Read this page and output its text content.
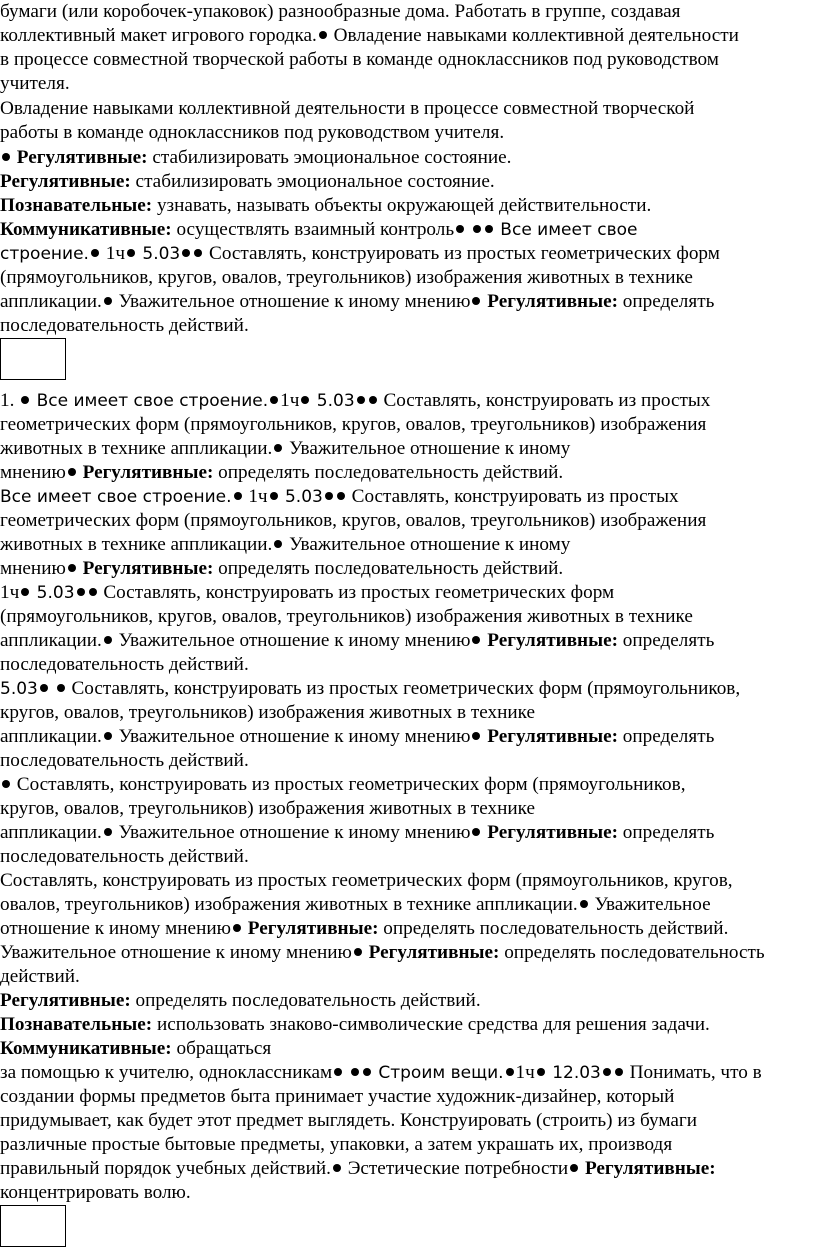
бумаги (или коробочек-упаковок) разнообразные дома. Работать в группе, создавая
коллективный макет игрового городка. Овладение навыками коллективной деятельности
в процессе совместной творческой работы в команде одноклассников под руководством
учителя.
Овладение навыками коллективной деятельности в процессе совместной творческой
работы в команде одноклассников под руководством учителя.
Регулятивные: стабилизировать эмоциональное состояние.
Регулятивные: стабилизировать эмоциональное состояние.
Познавательные: узнавать, называть объекты окружающей действительности.
Коммуникативные: осуществлять взаимный контроль  Все имеет свое
строение. 1ч 5.03 Составлять, конструировать из простых геометрических форм
(прямоугольников, кругов, овалов, треугольников) изображения животных в технике
аппликации. Уважительное отношение к иному мнению Регулятивные: определять
последовательность действий.
1.  Все имеет свое строение. 1ч 5.03 Составлять, конструировать из простых
геометрических форм (прямоугольников, кругов, овалов, треугольников) изображения
животных в технике аппликации. Уважительное отношение к иному
мнению Регулятивные: определять последовательность действий.
Все имеет свое строение. 1ч 5.03 Составлять, конструировать из простых
геометрических форм (прямоугольников, кругов, овалов, треугольников) изображения
животных в технике аппликации. Уважительное отношение к иному
мнению Регулятивные: определять последовательность действий.
1ч 5.03 Составлять, конструировать из простых геометрических форм
(прямоугольников, кругов, овалов, треугольников) изображения животных в технике
аппликации. Уважительное отношение к иному мнению Регулятивные: определять
последовательность действий.
5.03  Составлять, конструировать из простых геометрических форм (прямоугольников,
кругов, овалов, треугольников) изображения животных в технике
аппликации. Уважительное отношение к иному мнению Регулятивные: определять
последовательность действий.
Составлять, конструировать из простых геометрических форм (прямоугольников,
кругов, овалов, треугольников) изображения животных в технике
аппликации. Уважительное отношение к иному мнению Регулятивные: определять
последовательность действий.
Составлять, конструировать из простых геометрических форм (прямоугольников, кругов,
овалов, треугольников) изображения животных в технике аппликации. Уважительное
отношение к иному мнению Регулятивные: определять последовательность действий.
Уважительное отношение к иному мнению Регулятивные: определять последовательность
действий.
Регулятивные: определять последовательность действий.
Познавательные: использовать знаково-символические средства для решения задачи.
Коммуникативные: обращаться
за помощью к учителю, одноклассникам  Строим вещи. 1ч 12.03 Понимать, что в
создании формы предметов быта принимает участие художник-дизайнер, который
придумывает, как будет этот предмет выглядеть. Конструировать (строить) из бумаги
различные простые бытовые предметы, упаковки, а затем украшать их, производя
правильный порядок учебных действий. Эстетические потребности Регулятивные:
концентрировать волю.
